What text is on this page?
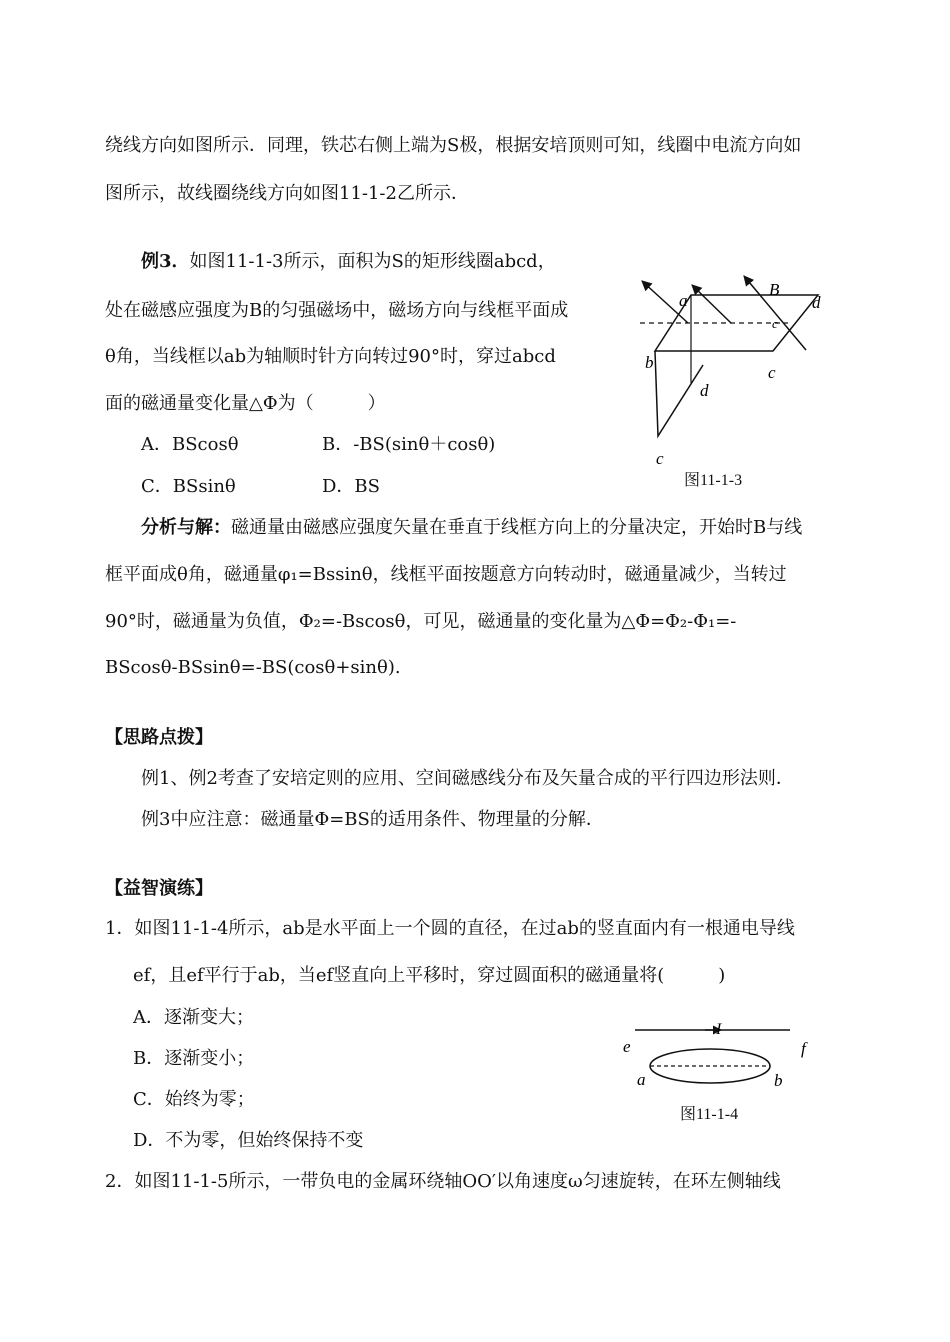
绕线方向如图所示．同理，铁芯右侧上端为S极，根据安培顶则可知，线圈中电流方向如
图所示，故线圈绕线方向如图11-1-2乙所示．
例3．如图11-1-3所示，面积为S的矩形线圈abcd，
处在磁感应强度为B的匀强磁场中，磁场方向与线框平面成
θ角，当线框以ab为轴顺时针方向转过90°时，穿过abcd
面的磁通量变化量△Φ为（　　　）
A．BScosθ	B．-BS(sinθ＋cosθ)
C．BSsinθ	D．BS
a
B
d
c
b
c
d
c
图11-1-3
分析与解：磁通量由磁感应强度矢量在垂直于线框方向上的分量决定，开始时B与线
框平面成θ角，磁通量φ₁=Bssinθ，线框平面按题意方向转动时，磁通量减少，当转过
90°时，磁通量为负值，Φ₂=-Bscosθ，可见，磁通量的变化量为△Φ=Φ₂-Φ₁=-
BScosθ-BSsinθ=-BS(cosθ+sinθ).
【思路点拨】
例1、例2考查了安培定则的应用、空间磁感线分布及矢量合成的平行四边形法则．
例3中应注意：磁通量Φ=BS的适用条件、物理量的分解．
【益智演练】
1．如图11-1-4所示，ab是水平面上一个圆的直径，在过ab的竖直面内有一根通电导线
ef，且ef平行于ab，当ef竖直向上平移时，穿过圆面积的磁通量将(　　　)
A．逐渐变大；
B．逐渐变小；
C．始终为零；
D．不为零，但始终保持不变
I
e	f
a	b
图11-1-4
2．如图11-1-5所示，一带负电的金属环绕轴OO′以角速度ω匀速旋转，在环左侧轴线
